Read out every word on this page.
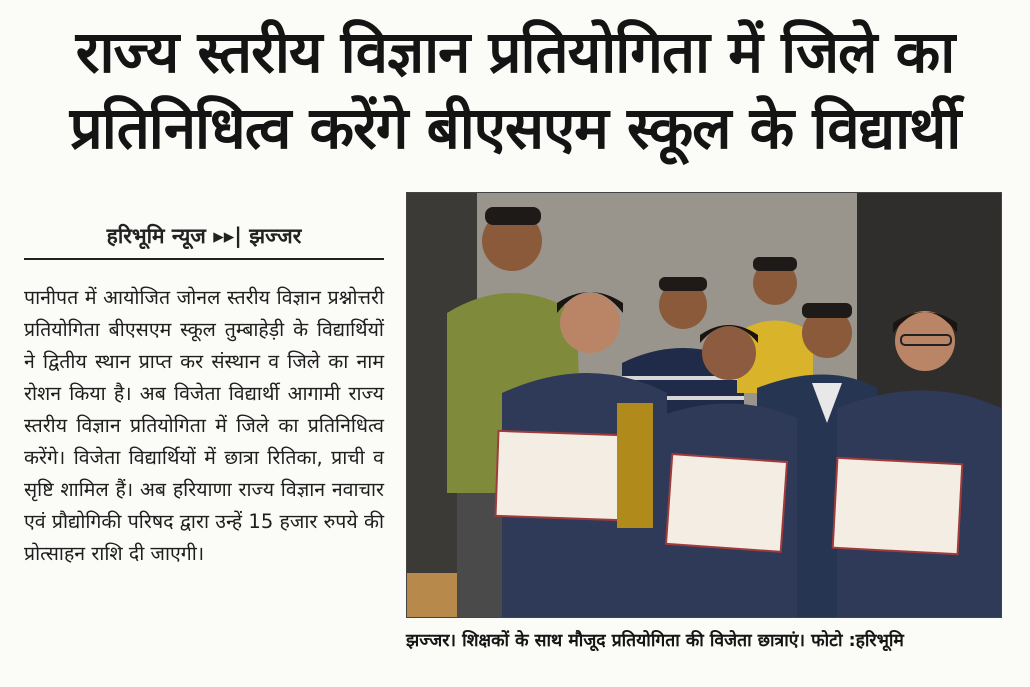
राज्य स्तरीय विज्ञान प्रतियोगिता में जिले का
प्रतिनिधित्व करेंगे बीएसएम स्कूल के विद्यार्थी
हरिभूमि न्यूज ▸▸| झज्जर
पानीपत में आयोजित जोनल स्तरीय विज्ञान प्रश्नोत्तरी प्रतियोगिता बीएसएम स्कूल तुम्बाहेड़ी के विद्यार्थियों ने द्वितीय स्थान प्राप्त कर संस्थान व जिले का नाम रोशन किया है। अब विजेता विद्यार्थी आगामी राज्य स्तरीय विज्ञान प्रतियोगिता में जिले का प्रतिनिधित्व करेंगे। विजेता विद्यार्थियों में छात्रा रितिका, प्राची व सृष्टि शामिल हैं। अब हरियाणा राज्य विज्ञान नवाचार एवं प्रौद्योगिकी परिषद द्वारा उन्हें 15 हजार रुपये की प्रोत्साहन राशि दी जाएगी।
झज्जर। शिक्षकों के साथ मौजूद प्रतियोगिता की विजेता छात्राएं। फोटो :हरिभूमि
